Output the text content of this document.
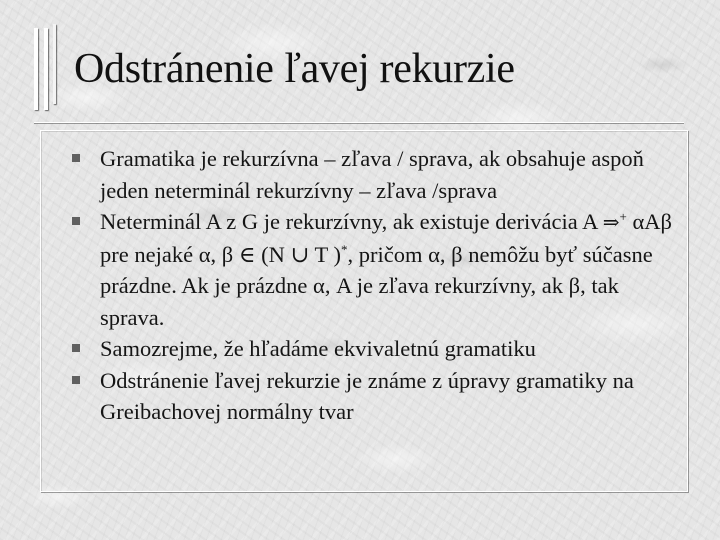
Odstránenie ľavej rekurzie
Gramatika je rekurzívna – zľava / sprava, ak obsahuje aspoň jeden neterminál rekurzívny – zľava /sprava
Neterminál A z G je rekurzívny, ak existuje derivácia A ⇒+ αAβ pre nejaké α, β ∈ (N ∪ T )*, pričom α, β nemôžu byť súčasne prázdne. Ak je prázdne α, A je zľava rekurzívny, ak β, tak sprava.
Samozrejme, že hľadáme ekvivaletnú gramatiku
Odstránenie ľavej rekurzie je známe z úpravy gramatiky na Greibachovej normálny tvar
